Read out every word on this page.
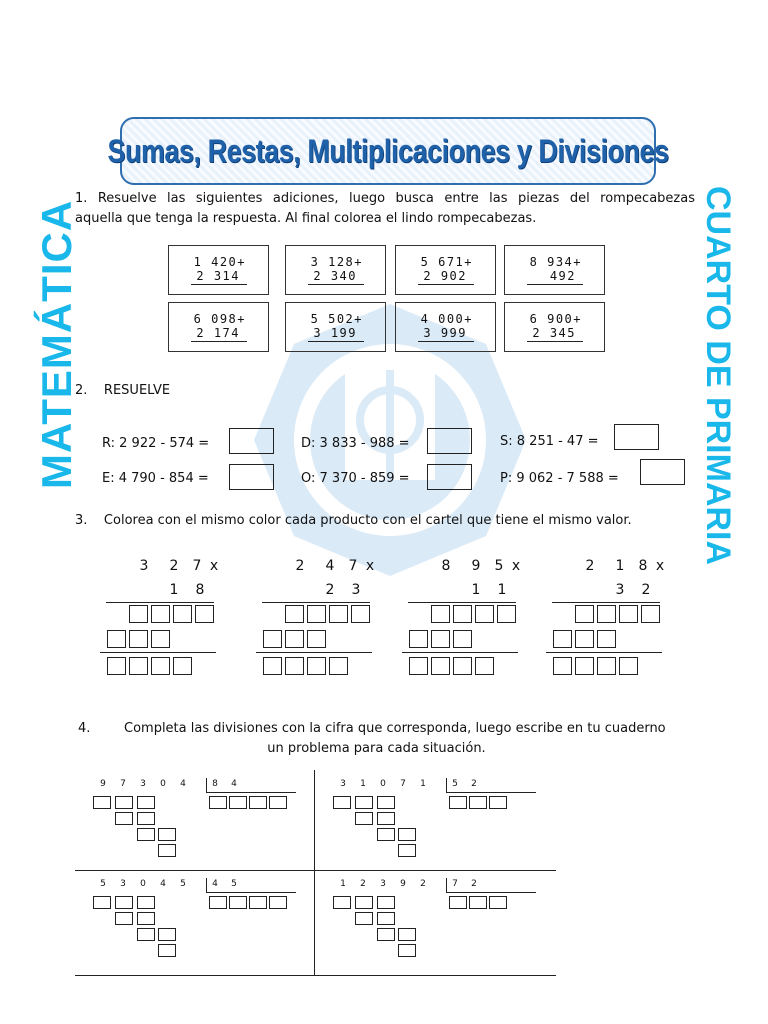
Sumas, Restas, Multiplicaciones y Divisiones
MATEMÁTICA	CUARTO DE PRIMARIA
1. Resuelve las siguientes adiciones, luego busca entre las piezas del rompecabezas
aquella que tenga la respuesta. Al final colorea el lindo rompecabezas.
1 420+
2 314
3 128+
2 340
5 671+
2 902
8 934+
492
6 098+
2 174
5 502+
3 199
4 000+
3 999
6 900+
2 345
2.    RESUELVE
R: 2 922 - 574 =	D: 3 833 - 988 =	S: 8 251 - 47 =
E: 4 790 - 854 =	O: 7 370 - 859 =	P: 9 062 - 7 588 =
3.    Colorea con el mismo color cada producto con el cartel que tiene el mismo valor.
3 2 7 x
1 8
2 4 7 x
2 3
8 9 5 x
1 1
2 1 8 x
3 2
4.	Completa las divisiones con la cifra que corresponda, luego escribe en tu cuaderno
un problema para cada situación.
9 7 3 0 4	8 4	3 1 0 7 1	5 2
5 3 0 4 5	4 5	1 2 3 9 2	7 2
